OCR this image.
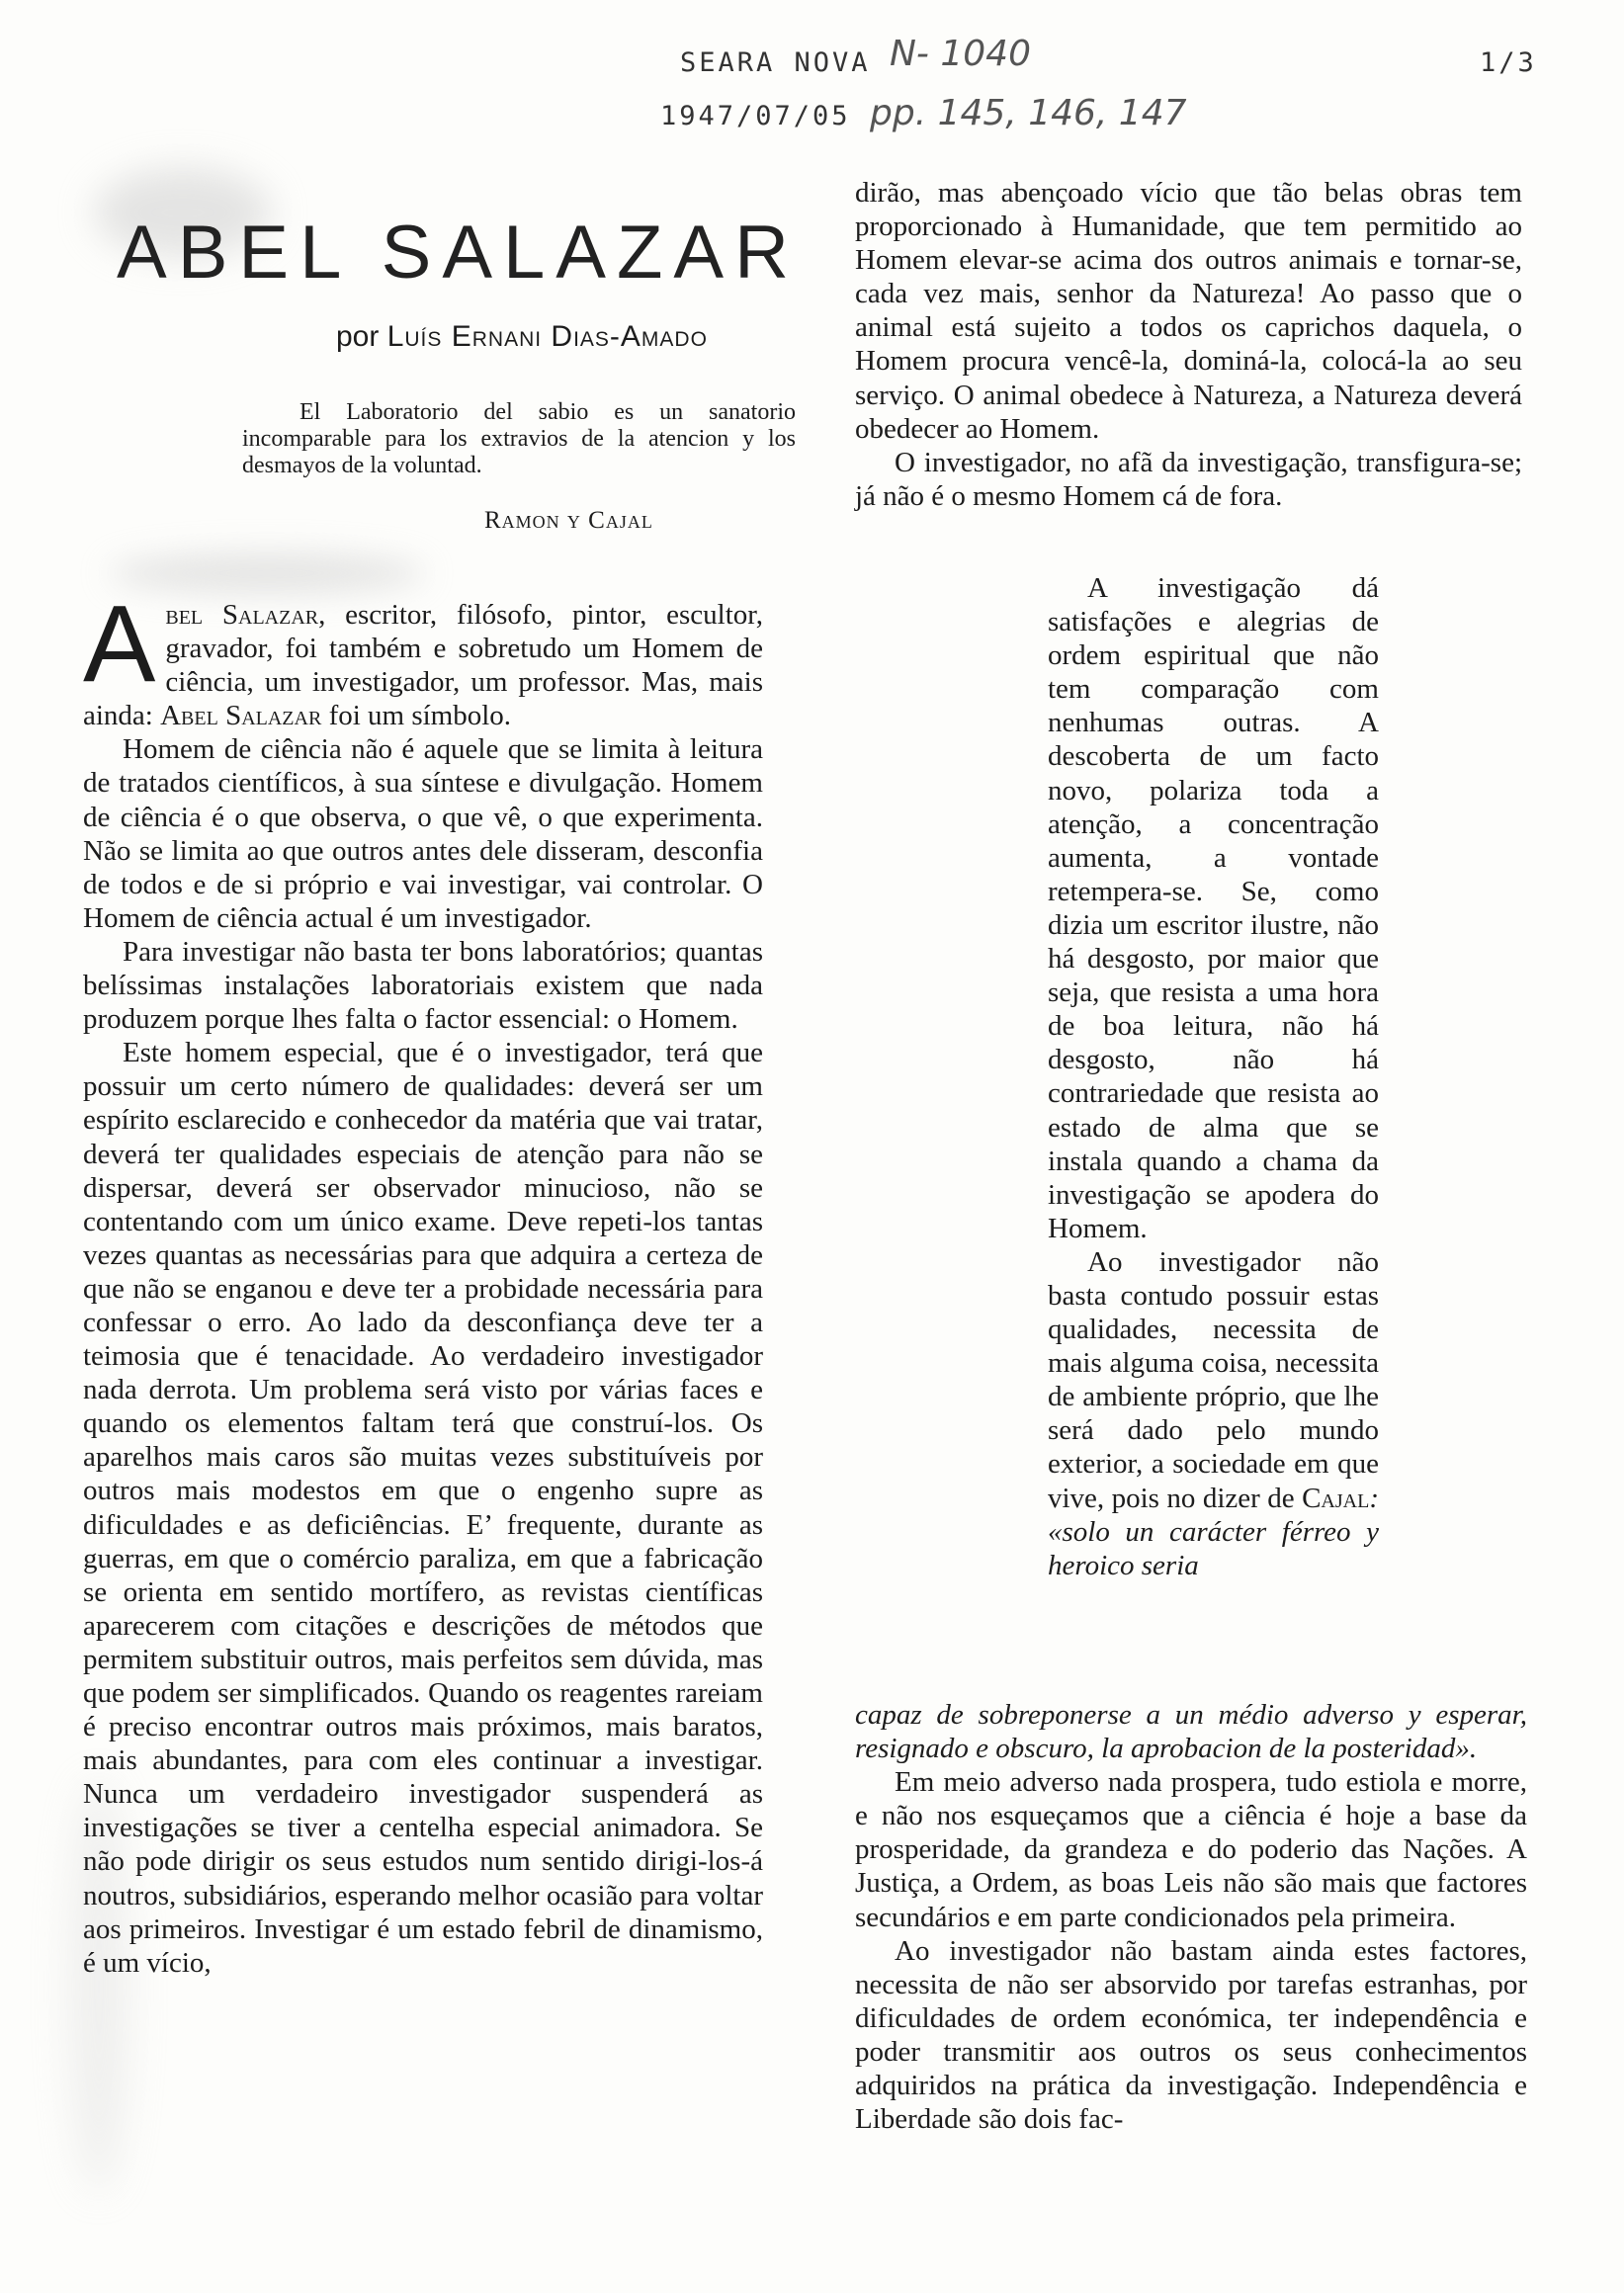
SEARA NOVA N- 1040	1/3
1947/07/05 pp. 145, 146, 147
ABEL SALAZAR
por Luís Ernani Dias-Amado
El Laboratorio del sabio es un sanatorio incomparable para los extravios de la atencion y los desmayos de la voluntad.
Ramon y Cajal

Abel Salazar, escritor, filósofo, pintor, escultor, gravador, foi também e sobretudo um Homem de ciência, um investigador, um professor. Mas, mais ainda: Abel Salazar foi um símbolo.

Homem de ciência não é aquele que se limita à leitura de tratados científicos, à sua síntese e divulgação. Homem de ciência é o que observa, o que vê, o que experimenta. Não se limita ao que outros antes dele disseram, desconfia de todos e de si próprio e vai investigar, vai controlar. O Homem de ciência actual é um investigador.

Para investigar não basta ter bons laboratórios; quantas belíssimas instalações laboratoriais existem que nada produzem porque lhes falta o factor essencial: o Homem.

Este homem especial, que é o investigador, terá que possuir um certo número de qualidades: deverá ser um espírito esclarecido e conhecedor da matéria que vai tratar, deverá ter qualidades especiais de atenção para não se dispersar, deverá ser observador minucioso, não se contentando com um único exame. Deve repeti-los tantas vezes quantas as necessárias para que adquira a certeza de que não se enganou e deve ter a probidade necessária para confessar o erro. Ao lado da desconfiança deve ter a teimosia que é tenacidade. Ao verdadeiro investigador nada derrota. Um problema será visto por várias faces e quando os elementos faltam terá que construí-los. Os aparelhos mais caros são muitas vezes substituíveis por outros mais modestos em que o engenho supre as dificuldades e as deficiências. E’ frequente, durante as guerras, em que o comércio paraliza, em que a fabricação se orienta em sentido mortífero, as revistas científicas aparecerem com citações e descrições de métodos que permitem substituir outros, mais perfeitos sem dúvida, mas que podem ser simplificados. Quando os reagentes rareiam é preciso encontrar outros mais próximos, mais baratos, mais abundantes, para com eles continuar a investigar. Nunca um verdadeiro investigador suspenderá as investigações se tiver a centelha especial animadora. Se não pode dirigir os seus estudos num sentido dirigi-los-á noutros, subsidiários, esperando melhor ocasião para voltar aos primeiros. Investigar é um estado febril de dinamismo, é um vício,

dirão, mas abençoado vício que tão belas obras tem proporcionado à Humanidade, que tem permitido ao Homem elevar-se acima dos outros animais e tornar-se, cada vez mais, senhor da Natureza! Ao passo que o animal está sujeito a todos os caprichos daquela, o Homem procura vencê-la, dominá-la, colocá-la ao seu serviço. O animal obedece à Natureza, a Natureza deverá obedecer ao Homem.

O investigador, no afã da investigação, transfigura-se; já não é o mesmo Homem cá de fora.

A investigação dá satisfações e alegrias de ordem espiritual que não tem comparação com nenhumas outras. A descoberta de um facto novo, polariza toda a atenção, a concentração aumenta, a vontade retempera-se. Se, como dizia um escritor ilustre, não há desgosto, por maior que seja, que resista a uma hora de boa leitura, não há desgosto, não há contrariedade que resista ao estado de alma que se instala quando a chama da investigação se apodera do Homem.

Ao investigador não basta contudo possuir estas qualidades, necessita de mais alguma coisa, necessita de ambiente próprio, que lhe será dado pelo mundo exterior, a sociedade em que vive, pois no dizer de Cajal: «solo un carácter férreo y heroico seria

capaz de sobreponerse a un médio adverso y esperar, resignado e obscuro, la aprobacion de la posteridad».

Em meio adverso nada prospera, tudo estiola e morre, e não nos esqueçamos que a ciência é hoje a base da prosperidade, da grandeza e do poderio das Nações. A Justiça, a Ordem, as boas Leis não são mais que factores secundários e em parte condicionados pela primeira.

Ao investigador não bastam ainda estes factores, necessita de não ser absorvido por tarefas estranhas, por dificuldades de ordem económica, ter independência e poder transmitir aos outros os seus conhecimentos adquiridos na prática da investigação. Independência e Liberdade são dois fac-
